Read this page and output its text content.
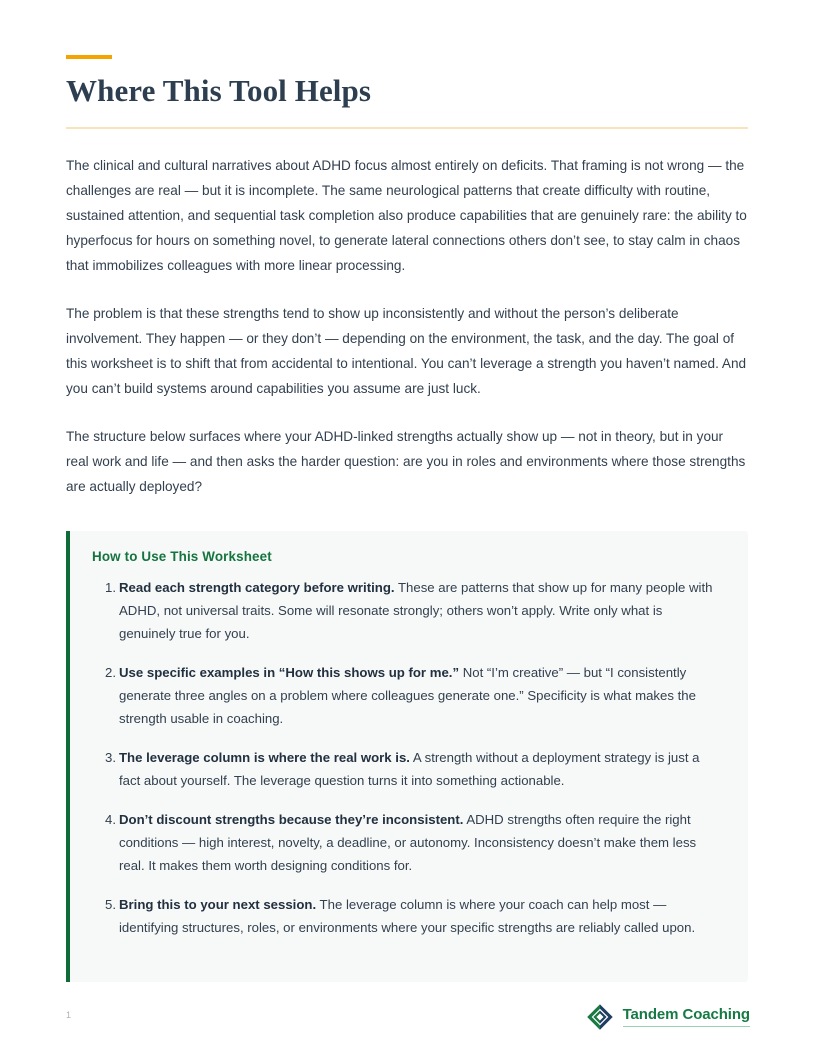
Where This Tool Helps

The clinical and cultural narratives about ADHD focus almost entirely on deficits. That framing is not wrong — the challenges are real — but it is incomplete. The same neurological patterns that create difficulty with routine, sustained attention, and sequential task completion also produce capabilities that are genuinely rare: the ability to hyperfocus for hours on something novel, to generate lateral connections others don’t see, to stay calm in chaos that immobilizes colleagues with more linear processing.

The problem is that these strengths tend to show up inconsistently and without the person’s deliberate involvement. They happen — or they don’t — depending on the environment, the task, and the day. The goal of this worksheet is to shift that from accidental to intentional. You can’t leverage a strength you haven’t named. And you can’t build systems around capabilities you assume are just luck.

The structure below surfaces where your ADHD-linked strengths actually show up — not in theory, but in your real work and life — and then asks the harder question: are you in roles and environments where those strengths are actually deployed?

How to Use This Worksheet
Read each strength category before writing. These are patterns that show up for many people with ADHD, not universal traits. Some will resonate strongly; others won’t apply. Write only what is genuinely true for you.
Use specific examples in “How this shows up for me.” Not “I’m creative” — but “I consistently generate three angles on a problem where colleagues generate one.” Specificity is what makes the strength usable in coaching.
The leverage column is where the real work is. A strength without a deployment strategy is just a fact about yourself. The leverage question turns it into something actionable.
Don’t discount strengths because they’re inconsistent. ADHD strengths often require the right conditions — high interest, novelty, a deadline, or autonomy. Inconsistency doesn’t make them less real. It makes them worth designing conditions for.
Bring this to your next session. The leverage column is where your coach can help most — identifying structures, roles, or environments where your specific strengths are reliably called upon.
1	Tandem Coaching
